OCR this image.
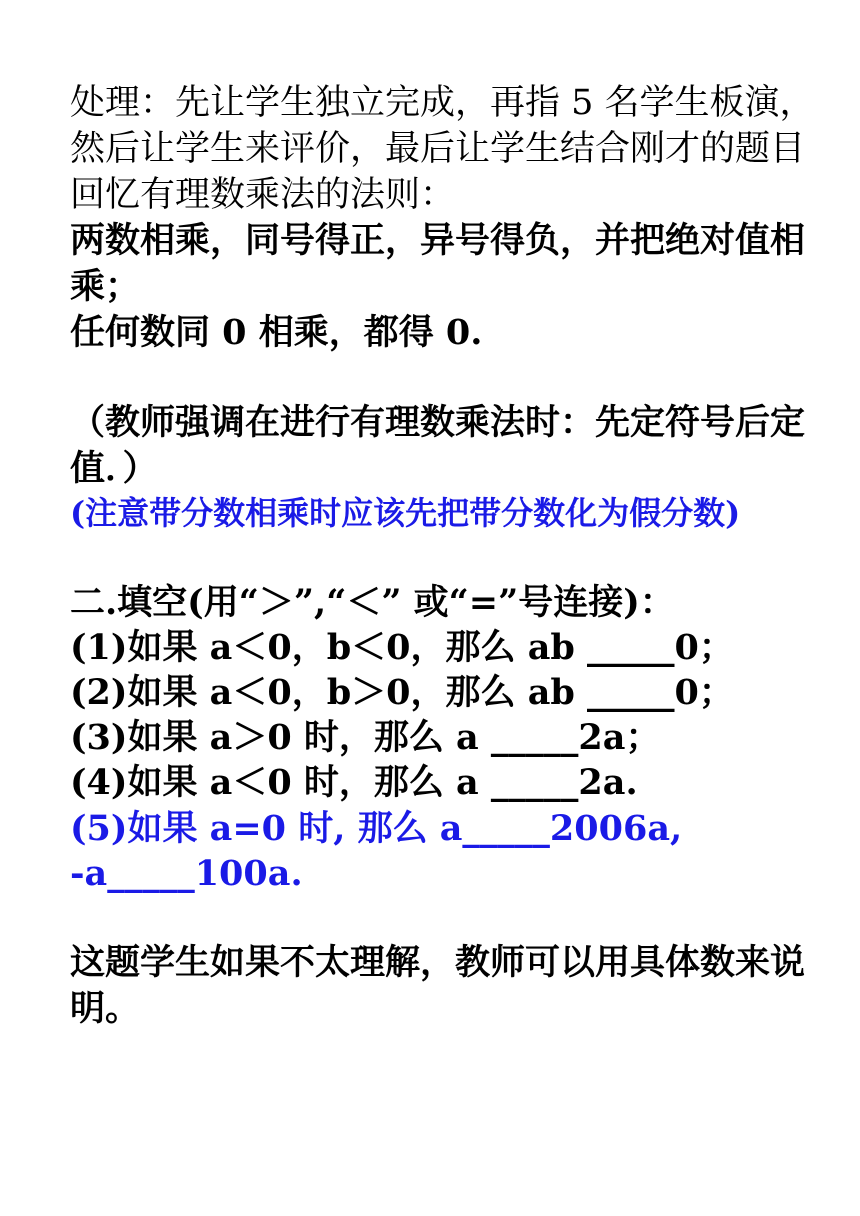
处理：先让学生独立完成，再指 5 名学生板演，
然后让学生来评价，最后让学生结合刚才的题目
回忆有理数乘法的法则：
两数相乘，同号得正，异号得负，并把绝对值相
乘；
任何数同 0 相乘，都得 0.
（教师强调在进行有理数乘法时：先定符号后定
值．）
(注意带分数相乘时应该先把带分数化为假分数)
二.填空(用“＞”,“＜” 或“=”号连接)：
(1)如果 a＜0，b＜0，那么 ab _____0；
(2)如果 a＜0，b＞0，那么 ab _____0；
(3)如果 a＞0 时，那么 a _____2a；
(4)如果 a＜0 时，那么 a _____2a.
(5)如果 a=0 时, 那么 a_____2006a,
-a_____100a.
这题学生如果不太理解，教师可以用具体数来说
明。
